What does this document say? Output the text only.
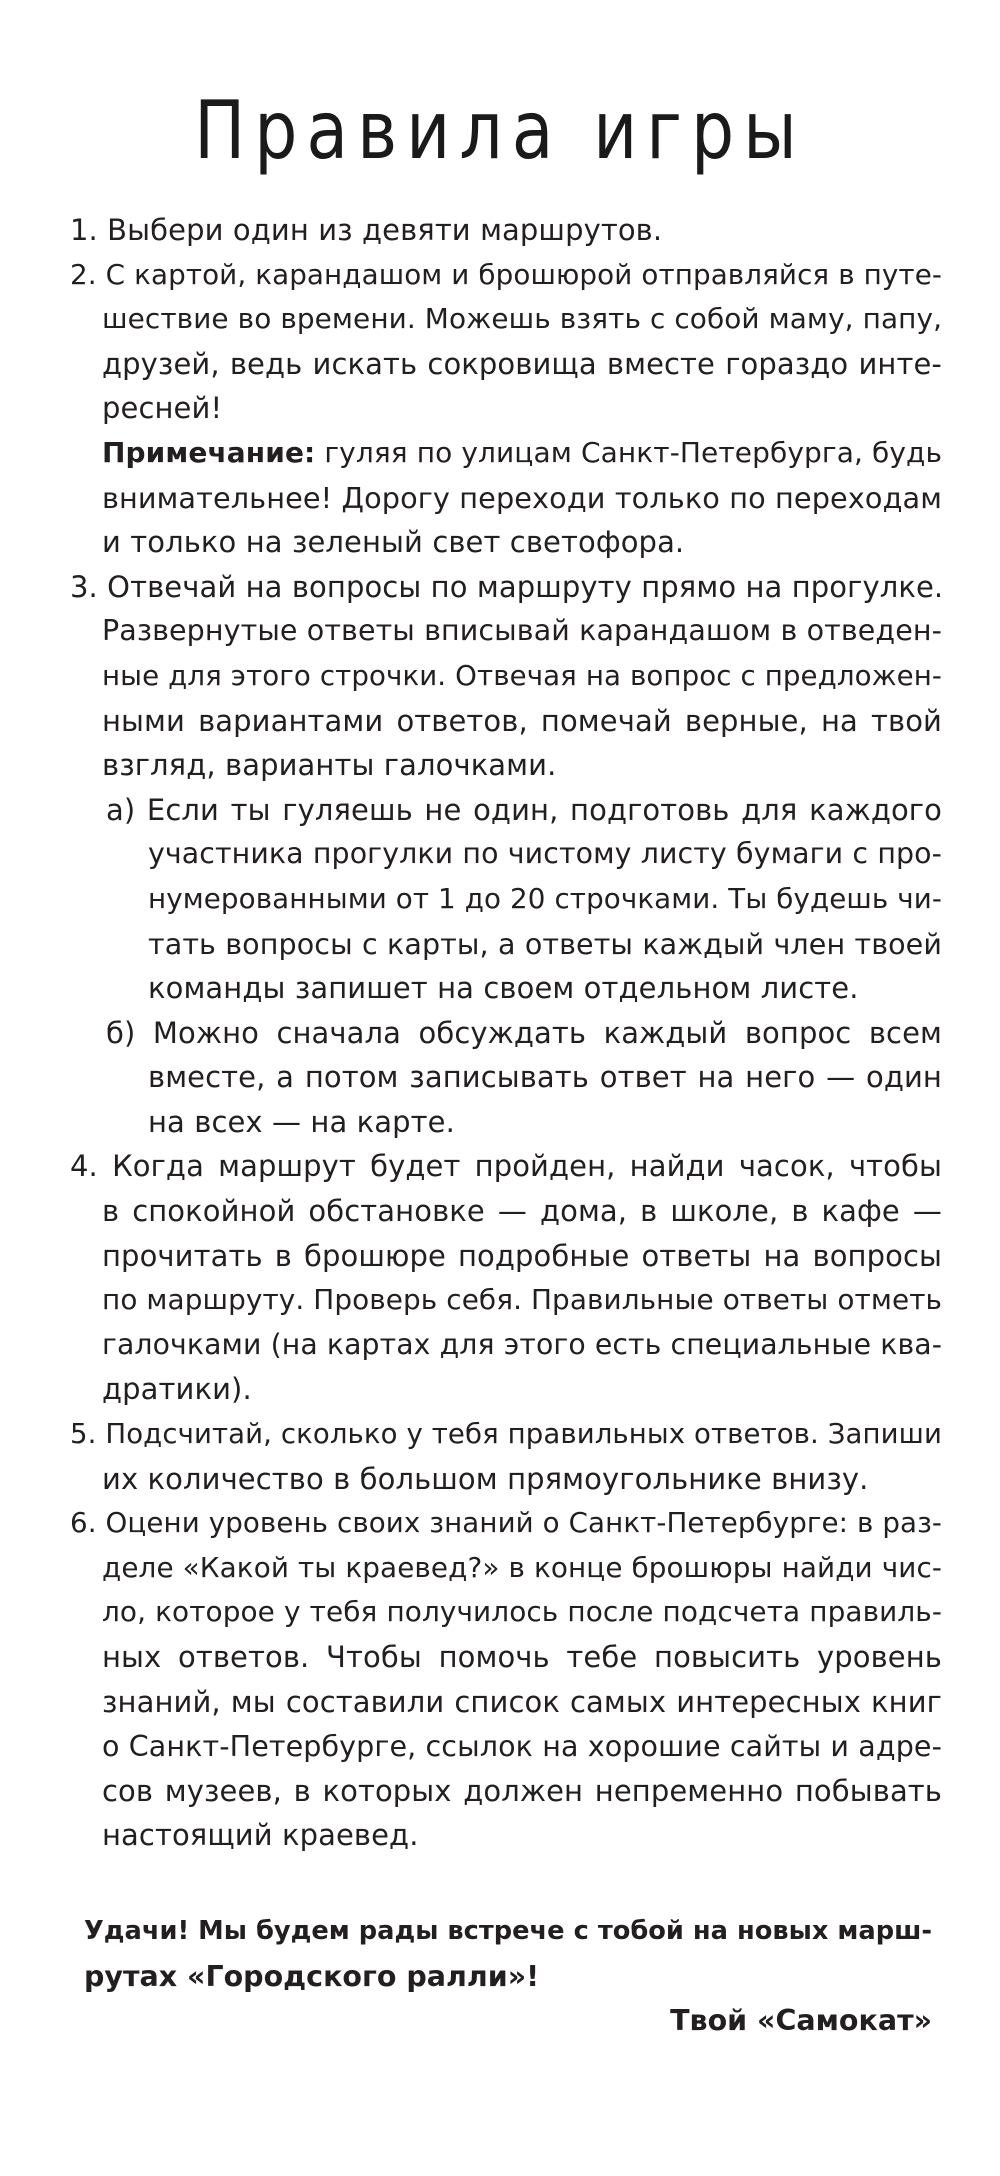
Правила игры
1. Выбери один из девяти маршрутов.
2. С картой, карандашом и брошюрой отправляйся в путе-
шествие во времени. Можешь взять с собой маму, папу,
друзей, ведь искать сокровища вместе гораздо инте-
ресней!
Примечание: гуляя по улицам Санкт-Петербурга, будь
внимательнее! Дорогу переходи только по переходам
и только на зеленый свет светофора.
3. Отвечай на вопросы по маршруту прямо на прогулке.
Развернутые ответы вписывай карандашом в отведен-
ные для этого строчки. Отвечая на вопрос с предложен-
ными вариантами ответов, помечай верные, на твой
взгляд, варианты галочками.
а) Если ты гуляешь не один, подготовь для каждого
участника прогулки по чистому листу бумаги с про-
нумерованными от 1 до 20 строчками. Ты будешь чи-
тать вопросы с карты, а ответы каждый член твоей
команды запишет на своем отдельном листе.
б) Можно сначала обсуждать каждый вопрос всем
вместе, а потом записывать ответ на него — один
на всех — на карте.
4. Когда маршрут будет пройден, найди часок, чтобы
в спокойной обстановке — дома, в школе, в кафе —
прочитать в брошюре подробные ответы на вопросы
по маршруту. Проверь себя. Правильные ответы отметь
галочками (на картах для этого есть специальные ква-
дратики).
5. Подсчитай, сколько у тебя правильных ответов. Запиши
их количество в большом прямоугольнике внизу.
6. Оцени уровень своих знаний о Санкт-Петербурге: в раз-
деле «Какой ты краевед?» в конце брошюры найди чис-
ло, которое у тебя получилось после подсчета правиль-
ных ответов. Чтобы помочь тебе повысить уровень
знаний, мы составили список самых интересных книг
о Санкт-Петербурге, ссылок на хорошие сайты и адре-
сов музеев, в которых должен непременно побывать
настоящий краевед.
Удачи! Мы будем рады встрече с тобой на новых марш-
рутах «Городского ралли»!
Твой «Самокат»
